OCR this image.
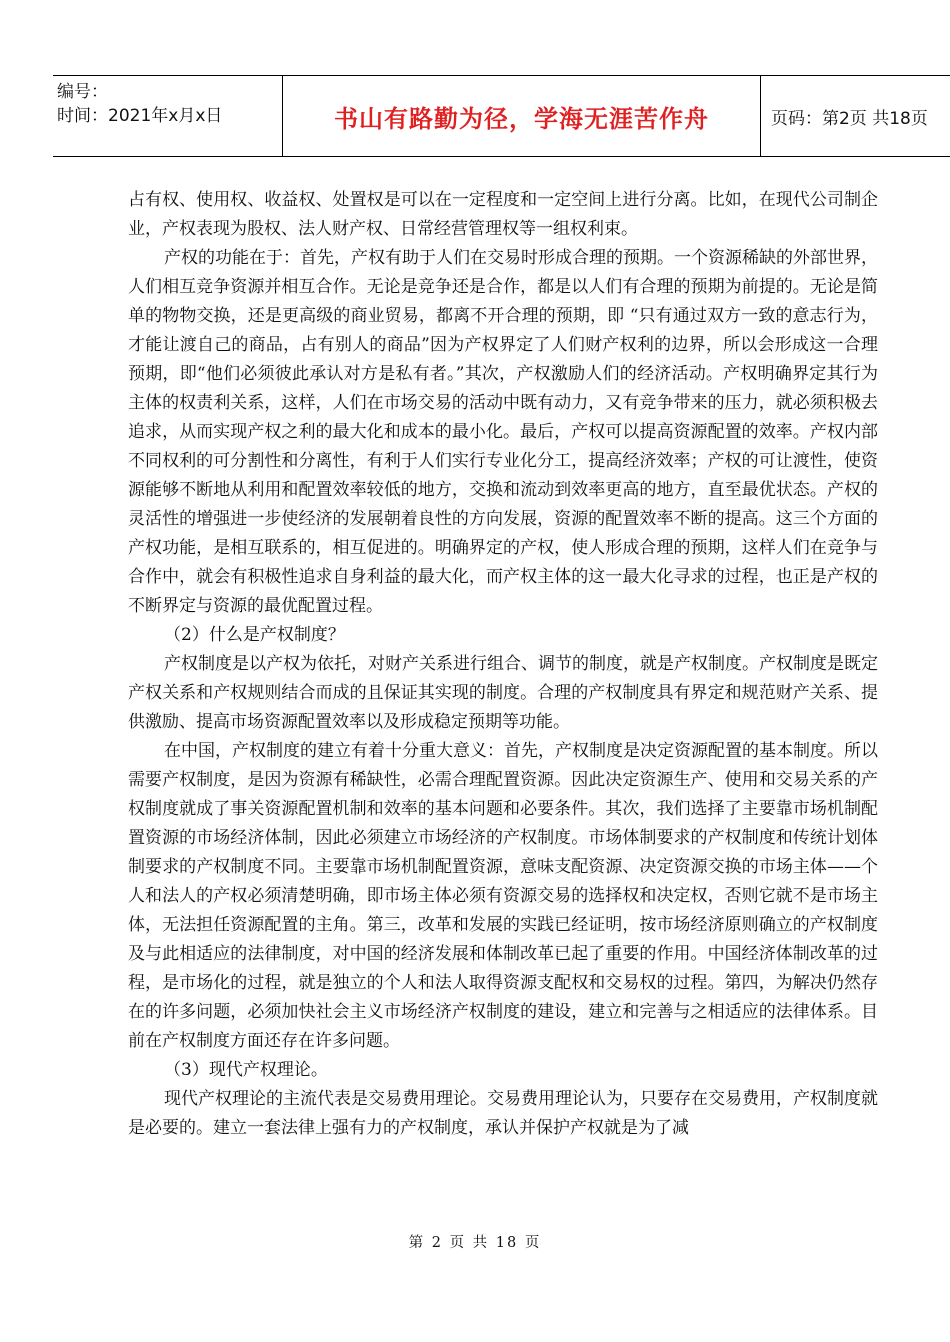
编号：
时间：2021年x月x日	书山有路勤为径，学海无涯苦作舟	页码：第2页 共18页

占有权、使用权、收益权、处置权是可以在一定程度和一定空间上进行分离。比如，在现代公司制企业，产权表现为股权、法人财产权、日常经营管理权等一组权利束。

产权的功能在于：首先，产权有助于人们在交易时形成合理的预期。一个资源稀缺的外部世界，人们相互竞争资源并相互合作。无论是竞争还是合作，都是以人们有合理的预期为前提的。无论是简单的物物交换，还是更高级的商业贸易，都离不开合理的预期，即 “只有通过双方一致的意志行为，才能让渡自己的商品，占有别人的商品”因为产权界定了人们财产权利的边界，所以会形成这一合理预期，即“他们必须彼此承认对方是私有者。”其次，产权激励人们的经济活动。产权明确界定其行为主体的权责利关系，这样，人们在市场交易的活动中既有动力，又有竞争带来的压力，就必须积极去追求，从而实现产权之利的最大化和成本的最小化。最后，产权可以提高资源配置的效率。产权内部不同权利的可分割性和分离性，有利于人们实行专业化分工，提高经济效率；产权的可让渡性，使资源能够不断地从利用和配置效率较低的地方，交换和流动到效率更高的地方，直至最优状态。产权的灵活性的增强进一步使经济的发展朝着良性的方向发展，资源的配置效率不断的提高。这三个方面的产权功能，是相互联系的，相互促进的。明确界定的产权，使人形成合理的预期，这样人们在竞争与合作中，就会有积极性追求自身利益的最大化，而产权主体的这一最大化寻求的过程，也正是产权的不断界定与资源的最优配置过程。

（2）什么是产权制度？

产权制度是以产权为依托，对财产关系进行组合、调节的制度，就是产权制度。产权制度是既定产权关系和产权规则结合而成的且保证其实现的制度。合理的产权制度具有界定和规范财产关系、提供激励、提高市场资源配置效率以及形成稳定预期等功能。

在中国，产权制度的建立有着十分重大意义：首先，产权制度是决定资源配置的基本制度。所以需要产权制度，是因为资源有稀缺性，必需合理配置资源。因此决定资源生产、使用和交易关系的产权制度就成了事关资源配置机制和效率的基本问题和必要条件。其次，我们选择了主要靠市场机制配置资源的市场经济体制，因此必须建立市场经济的产权制度。市场体制要求的产权制度和传统计划体制要求的产权制度不同。主要靠市场机制配置资源，意味支配资源、决定资源交换的市场主体——个人和法人的产权必须清楚明确，即市场主体必须有资源交易的选择权和决定权，否则它就不是市场主体，无法担任资源配置的主角。第三，改革和发展的实践已经证明，按市场经济原则确立的产权制度及与此相适应的法律制度，对中国的经济发展和体制改革已起了重要的作用。中国经济体制改革的过程，是市场化的过程，就是独立的个人和法人取得资源支配权和交易权的过程。第四，为解决仍然存在的许多问题，必须加快社会主义市场经济产权制度的建设，建立和完善与之相适应的法律体系。目前在产权制度方面还存在许多问题。

（3）现代产权理论。

现代产权理论的主流代表是交易费用理论。交易费用理论认为，只要存在交易费用，产权制度就是必要的。建立一套法律上强有力的产权制度，承认并保护产权就是为了减

第 2 页 共 18 页
